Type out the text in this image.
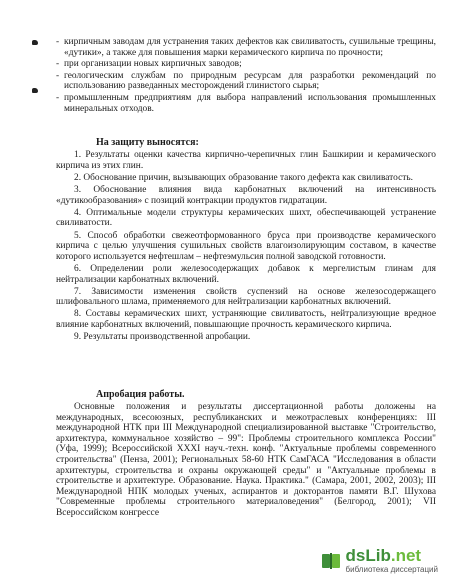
- кирпичным заводам для устранения таких дефектов как свиливатость, сушильные трещины, «дутики», а также для повышения марки керамического кирпича по прочности;
- при организации новых кирпичных заводов;
- геологическим службам по природным ресурсам для разработки рекомендаций по использованию разведанных месторождений глинистого сырья;
- промышленным предприятиям для выбора направлений использования промышленных минеральных отходов.
На защиту выносятся:
1. Результаты оценки качества кирпично-черепичных глин Башкирии и керамического кирпича из этих глин.
2. Обоснование причин, вызывающих образование такого дефекта как свиливатость.
3. Обоснование влияния вида карбонатных включений на интенсивность «дутикообразования» с позиций контракции продуктов гидратации.
4. Оптимальные модели структуры керамических шихт, обеспечивающей устранение свиливатости.
5. Способ обработки свежеотформованного бруса при производстве керамического кирпича с целью улучшения сушильных свойств влагоизолирующим составом, в качестве которого используется нефтешлам – нефтеэмульсия полной заводской готовности.
6. Определении роли железосодержащих добавок к мергелистым глинам для нейтрализации карбонатных включений.
7. Зависимости изменения свойств суспензий на основе железосодержащего шлифовального шлама, применяемого для нейтрализации карбонатных включений.
8. Составы керамических шихт, устраняющие свиливатость, нейтрализующие вредное влияние карбонатных включений, повышающие прочность керамического кирпича.
9. Результаты производственной апробации.
Апробация работы.
Основные положения и результаты диссертационной работы доложены на международных, всесоюзных, республиканских и межотраслевых конференциях: III международной НТК при III Международной специализированной выставке "Строительство, архитектура, коммунальное хозяйство – 99": Проблемы строительного комплекса России" (Уфа, 1999); Всероссийской XXXI науч.-техн. конф. "Актуальные проблемы современного строительства" (Пенза, 2001); Региональных 58-60 НТК СамГАСА "Исследования в области архитектуры, строительства и охраны окружающей среды" и "Актуальные проблемы в строительстве и архитектуре. Образование. Наука. Практика." (Самара, 2001, 2002, 2003); III Международной НПК молодых ученых, аспирантов и докторантов памяти В.Г. Шухова "Современные проблемы строительного материаловедения" (Белгород, 2001); VII Всероссийском конгрессе
dsLib.net
библиотека диссертаций
